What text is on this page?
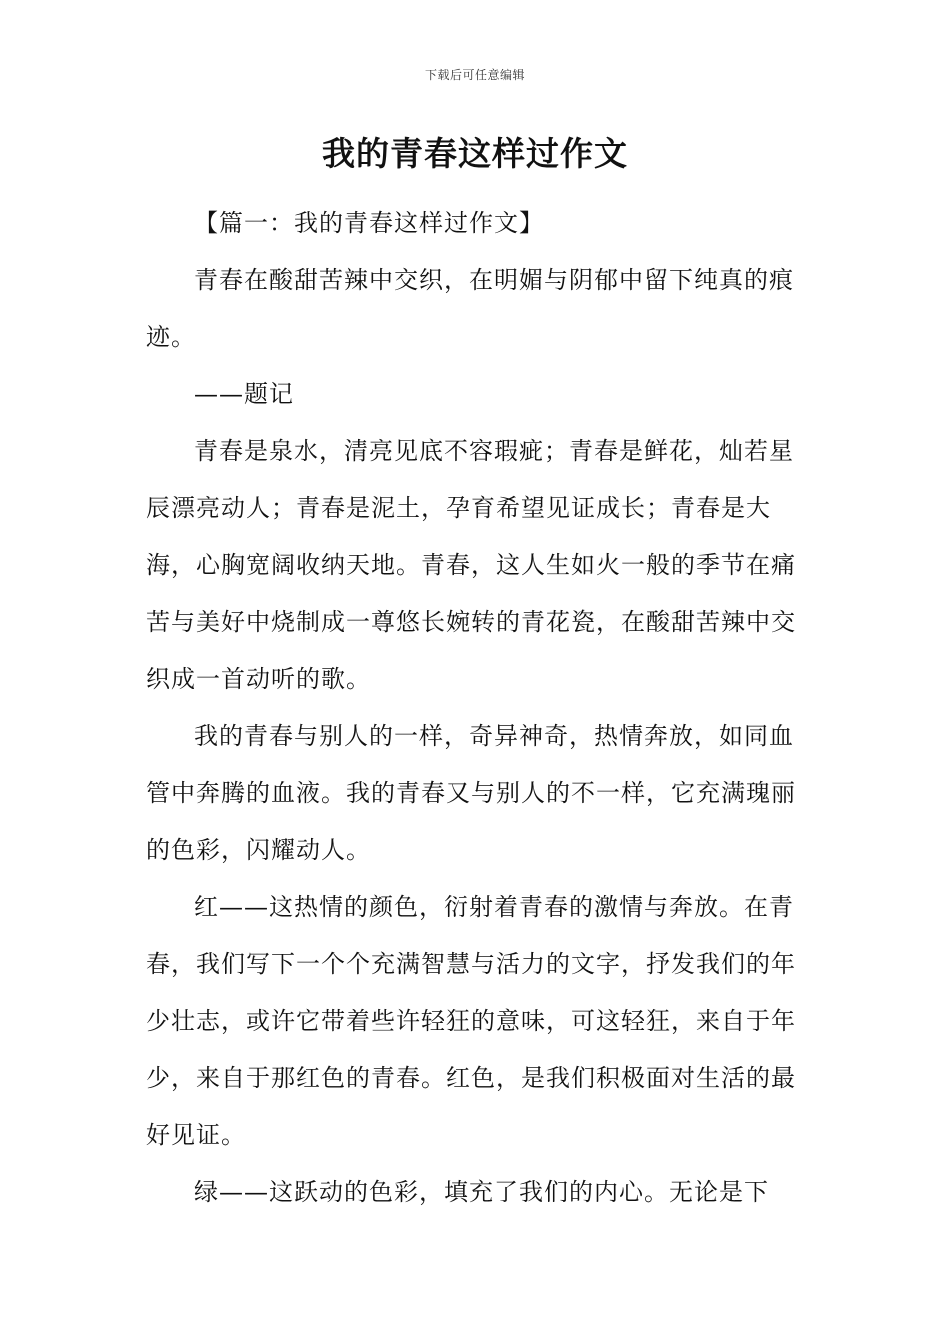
下载后可任意编辑
我的青春这样过作文

【篇一：我的青春这样过作文】

青春在酸甜苦辣中交织，在明媚与阴郁中留下纯真的痕迹。

——题记

青春是泉水，清亮见底不容瑕疵；青春是鲜花，灿若星辰漂亮动人；青春是泥土，孕育希望见证成长；青春是大海，心胸宽阔收纳天地。青春，这人生如火一般的季节在痛苦与美好中烧制成一尊悠长婉转的青花瓷，在酸甜苦辣中交织成一首动听的歌。

我的青春与别人的一样，奇异神奇，热情奔放，如同血管中奔腾的血液。我的青春又与别人的不一样，它充满瑰丽的色彩，闪耀动人。

红——这热情的颜色，衍射着青春的激情与奔放。在青春，我们写下一个个充满智慧与活力的文字，抒发我们的年少壮志，或许它带着些许轻狂的意味，可这轻狂，来自于年少，来自于那红色的青春。红色，是我们积极面对生活的最好见证。

绿——这跃动的色彩，填充了我们的内心。无论是下
